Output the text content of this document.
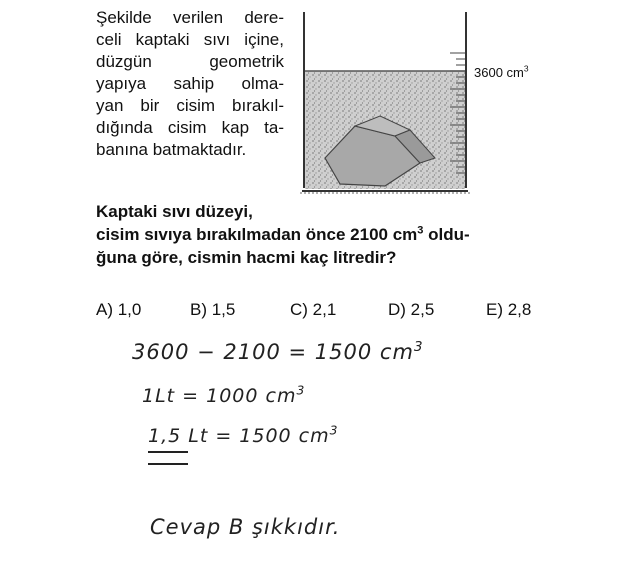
Şekilde verilen dere-
celi kaptaki sıvı içine,
düzgün geometrik
yapıya sahip olma-
yan bir cisim bırakıl-
dığında cisim kap ta-
banına batmaktadır.
3600 $cm^3$
Kaptaki sıvı düzeyi,
cisim sıvıya bırakılmadan önce 2100 $cm^3$ oldu-
ğuna göre, cismin hacmi kaç litredir?
A) 1,0	B) 1,5	C) 2,1	D) 2,5	E) 2,8
3600 − 2100 = 1500 $cm^3$
1Lt = 1000 $cm^3$
1,5 Lt = 1500 $cm^3$
Cevap B şıkkıdır.
